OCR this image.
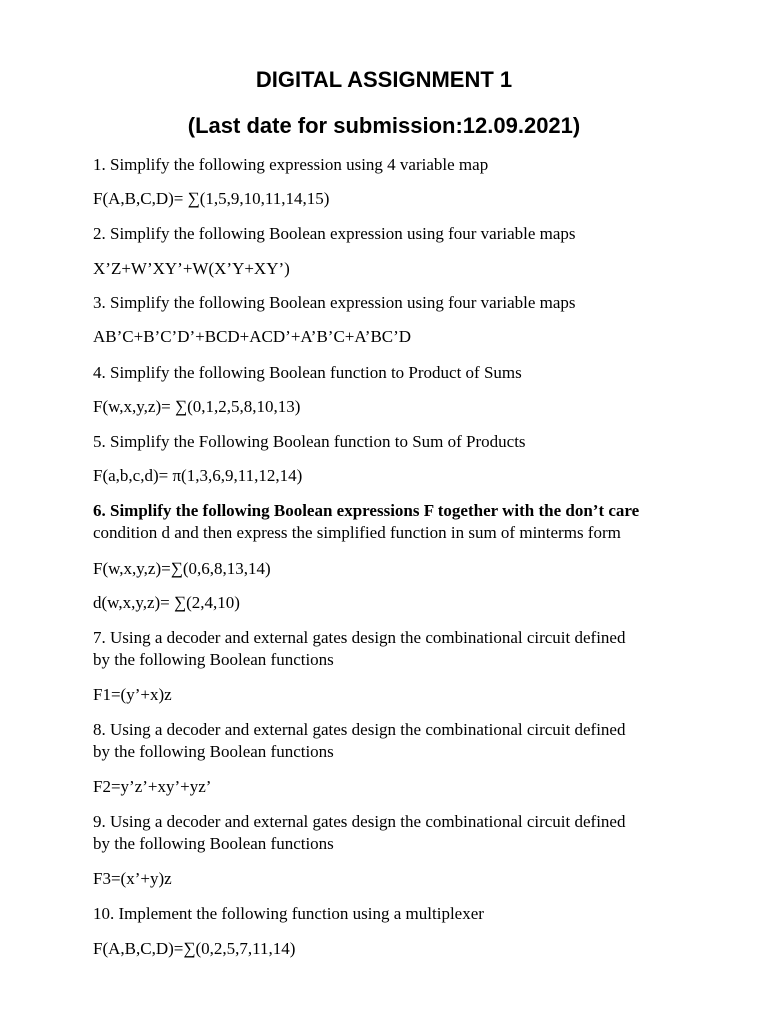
DIGITAL ASSIGNMENT 1
(Last date for submission:12.09.2021)

1. Simplify the following expression using 4 variable map

F(A,B,C,D)= ∑(1,5,9,10,11,14,15)

2. Simplify the following Boolean expression using four variable maps

X’Z+W’XY’+W(X’Y+XY’)

3. Simplify the following Boolean expression using four variable maps

AB’C+B’C’D’+BCD+ACD’+A’B’C+A’BC’D

4. Simplify the following Boolean function to Product of Sums

F(w,x,y,z)= ∑(0,1,2,5,8,10,13)

5. Simplify the Following Boolean function to Sum of Products

F(a,b,c,d)= π(1,3,6,9,11,12,14)

6. Simplify the following Boolean expressions F together with the don’t care

condition d and then express the simplified function in sum of minterms form

F(w,x,y,z)=∑(0,6,8,13,14)

d(w,x,y,z)= ∑(2,4,10)

7. Using a decoder and external gates design the combinational circuit defined

by the following Boolean functions

F1=(y’+x)z

8. Using a decoder and external gates design the combinational circuit defined

by the following Boolean functions

F2=y’z’+xy’+yz’

9. Using a decoder and external gates design the combinational circuit defined

by the following Boolean functions

F3=(x’+y)z

10. Implement the following function using a multiplexer

F(A,B,C,D)=∑(0,2,5,7,11,14)
